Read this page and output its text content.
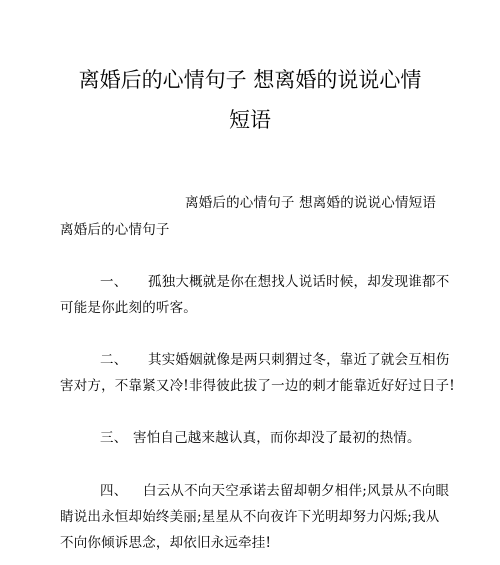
离婚后的心情句子 想离婚的说说心情
短语
离婚后的心情句子 想离婚的说说心情短语
离婚后的心情句子
一、 孤独大概就是你在想找人说话时候，却发现谁都不
可能是你此刻的听客。
二、 其实婚姻就像是两只刺猬过冬，靠近了就会互相伤
害对方，不靠紧又冷!非得彼此拔了一边的刺才能靠近好好过日子!
三、 害怕自己越来越认真，而你却没了最初的热情。
四、 白云从不向天空承诺去留却朝夕相伴;风景从不向眼
睛说出永恒却始终美丽;星星从不向夜许下光明却努力闪烁;我从
不向你倾诉思念，却依旧永远牵挂!
